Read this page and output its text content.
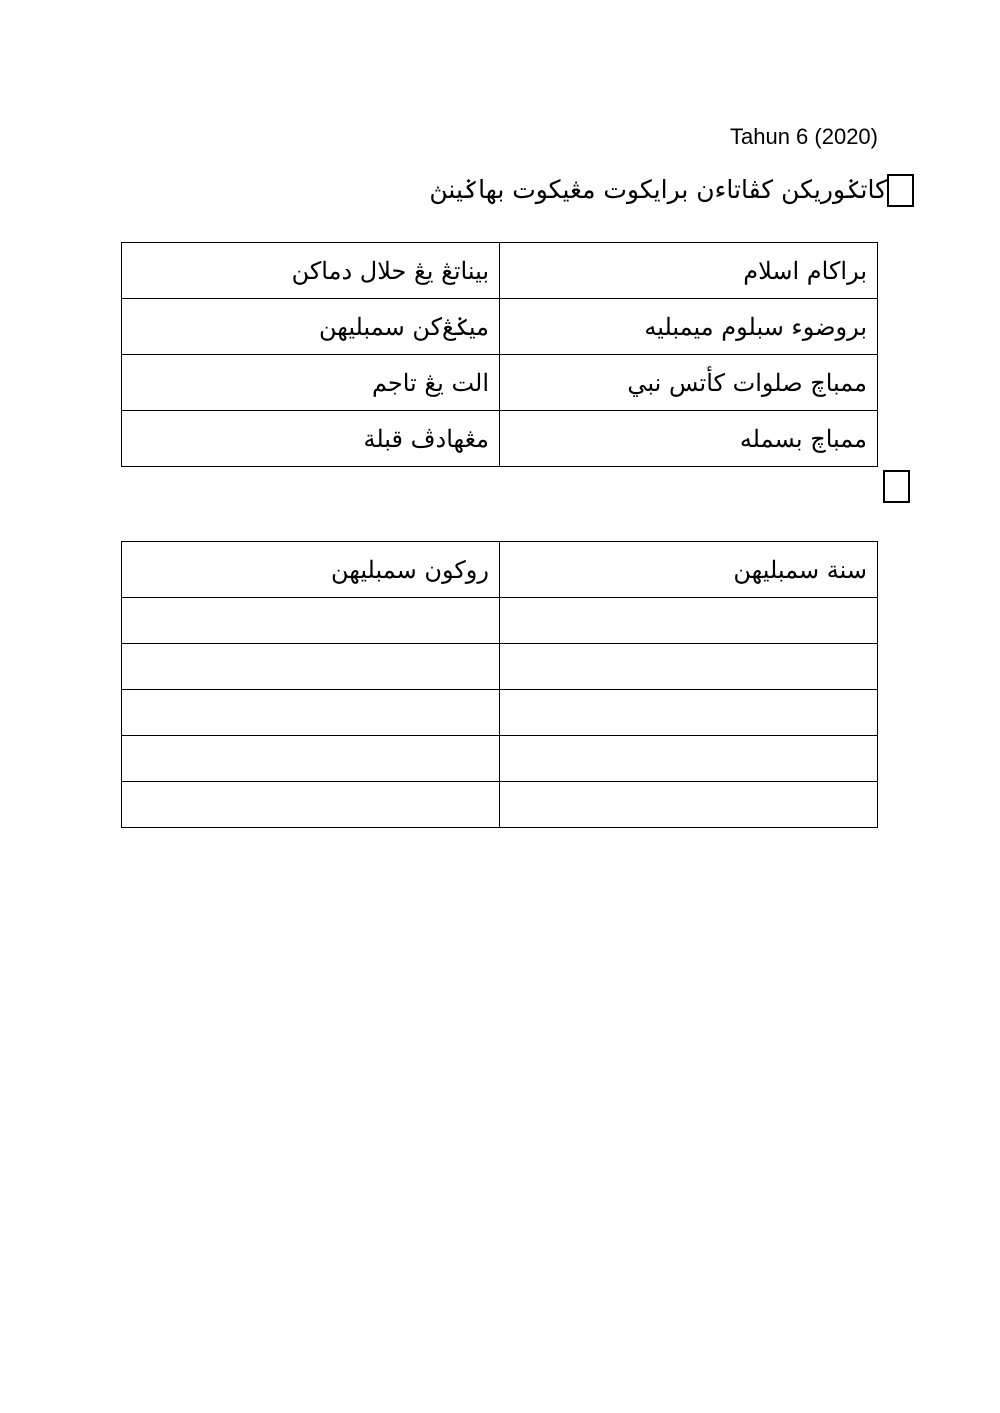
Tahun 6 (2020)
كاتݢوريكن كڤاتاءن برايكوت مڠيكوت بهاݢينڽ
براكام اسلام	بيناتڠ يڠ حلال دماكن
بروضوء سبلوم ميمبليه	ميݢڠ‌كن سمبليهن
ممباچ صلوات كأتس نبي	الت يڠ تاجم
ممباچ بسمله	مڠهادڤ قبلة
سنة سمبليهن	روكون سمبليهن
